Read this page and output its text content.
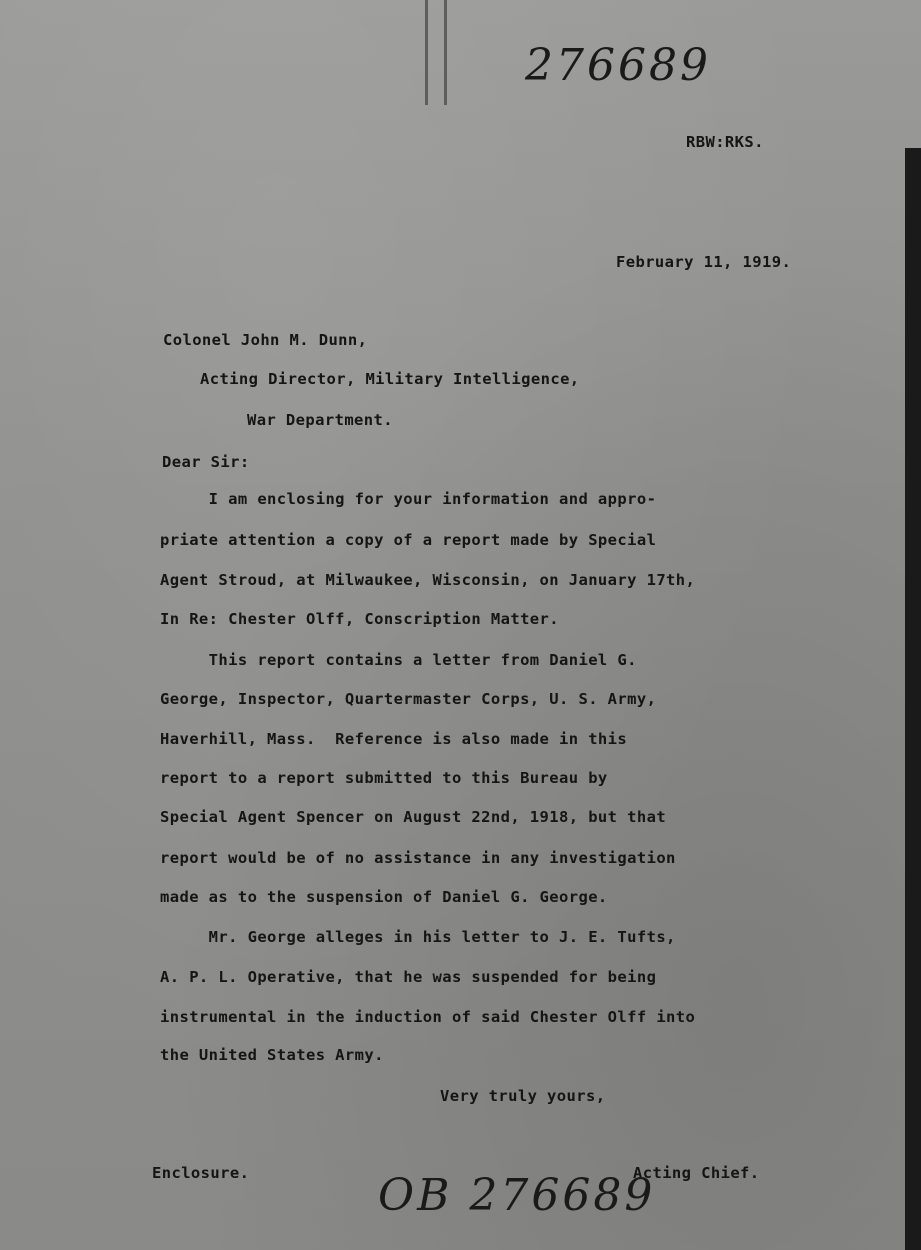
276689
RBW:RKS.
February 11, 1919.
Colonel John M. Dunn,
Acting Director, Military Intelligence,
War Department.
Dear Sir:
I am enclosing for your information and appro-
priate attention a copy of a report made by Special
Agent Stroud, at Milwaukee, Wisconsin, on January 17th,
In Re: Chester Olff, Conscription Matter.
This report contains a letter from Daniel G.
George, Inspector, Quartermaster Corps, U. S. Army,
Haverhill, Mass.  Reference is also made in this
report to a report submitted to this Bureau by
Special Agent Spencer on August 22nd, 1918, but that
report would be of no assistance in any investigation
made as to the suspension of Daniel G. George.
Mr. George alleges in his letter to J. E. Tufts,
A. P. L. Operative, that he was suspended for being
instrumental in the induction of said Chester Olff into
the United States Army.
Very truly yours,
Enclosure.	Acting Chief.
OB 276689
